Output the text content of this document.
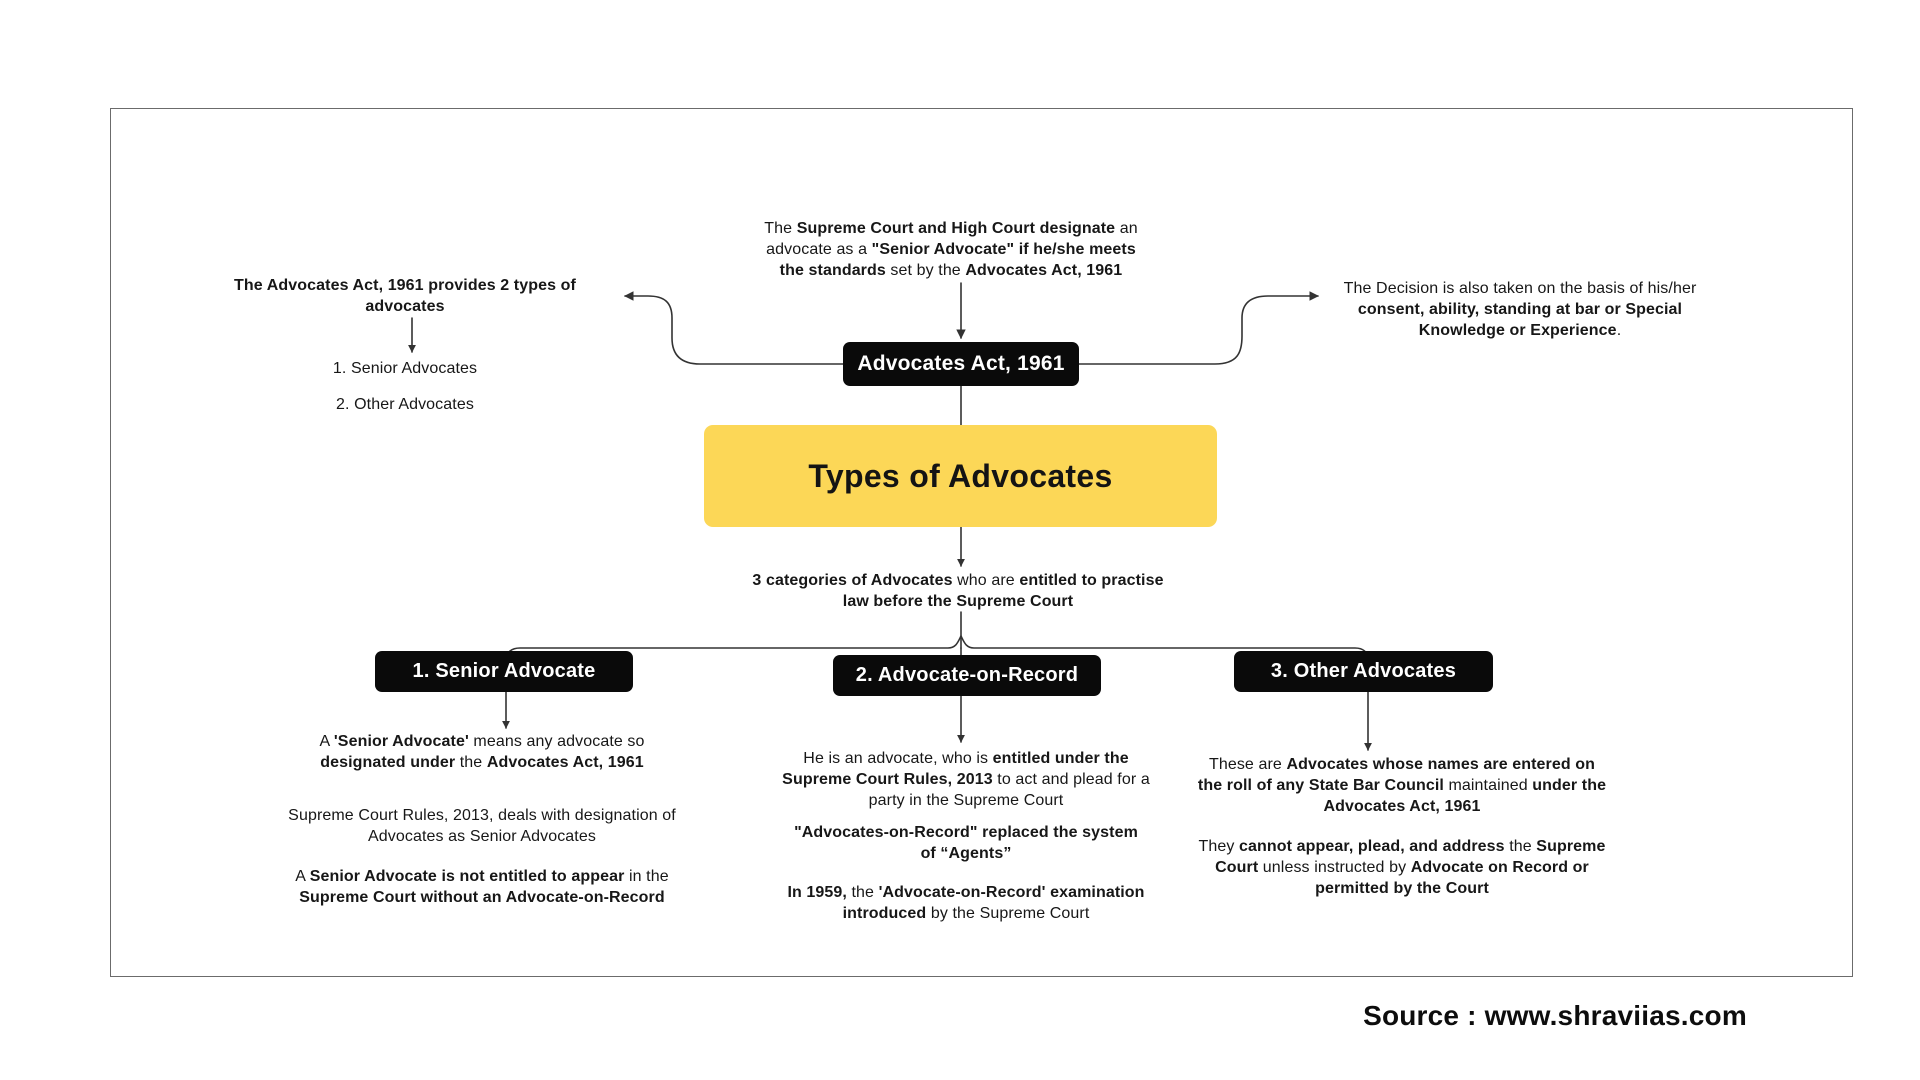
Advocates Act, 1961
Types of Advocates
1. Senior Advocate	2. Advocate-on-Record	3. Other Advocates
The Supreme Court and High Court designate an advocate as a "Senior Advocate" if he/she meets the standards set by the Advocates Act, 1961
The Advocates Act, 1961 provides 2 types of advocates
1. Senior Advocates
2. Other Advocates
The Decision is also taken on the basis of his/her consent, ability, standing at bar or Special Knowledge or Experience.
3 categories of Advocates who are entitled to practise law before the Supreme Court
A 'Senior Advocate' means any advocate so designated under the Advocates Act, 1961
Supreme Court Rules, 2013, deals with designation of Advocates as Senior Advocates
A Senior Advocate is not entitled to appear in the Supreme Court without an Advocate-on-Record
He is an advocate, who is entitled under the Supreme Court Rules, 2013 to act and plead for a party in the Supreme Court
"Advocates-on-Record" replaced the system of “Agents”
In 1959, the 'Advocate-on-Record' examination introduced by the Supreme Court
These are Advocates whose names are entered on the roll of any State Bar Council maintained under the Advocates Act, 1961
They cannot appear, plead, and address the Supreme Court unless instructed by Advocate on Record or permitted by the Court
Source : www.shraviias.com
